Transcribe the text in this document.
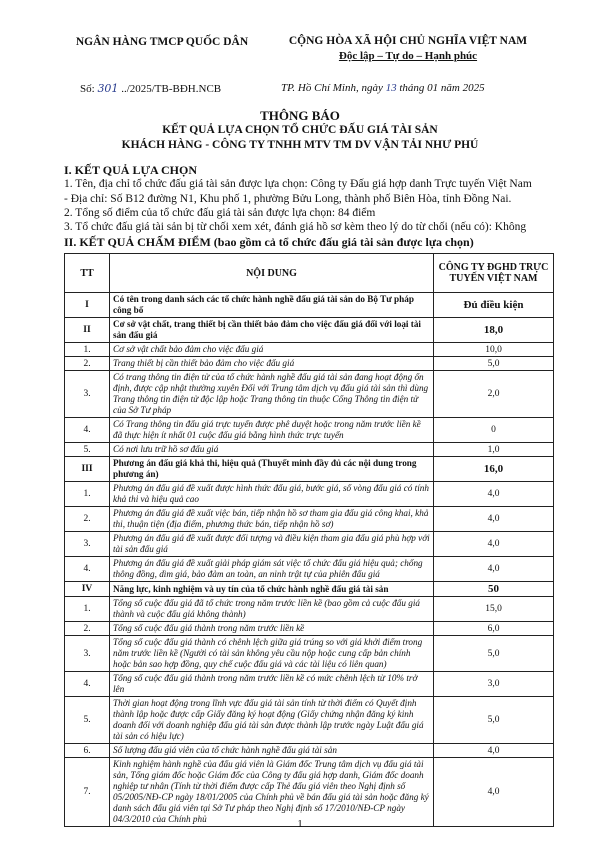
NGÂN HÀNG TMCP QUỐC DÂN	CỘNG HÒA XÃ HỘI CHỦ NGHĨA VIỆT NAM
Độc lập – Tự do – Hạnh phúc
Số: 301 ../2025/TB-BĐH.NCB	TP. Hồ Chí Minh, ngày 13 tháng 01 năm 2025
THÔNG BÁO
KẾT QUẢ LỰA CHỌN TỔ CHỨC ĐẤU GIÁ TÀI SẢN
KHÁCH HÀNG - CÔNG TY TNHH MTV TM DV VẬN TẢI NHƯ PHÚ
I. KẾT QUẢ LỰA CHỌN
1. Tên, địa chỉ tổ chức đấu giá tài sản được lựa chọn: Công ty Đấu giá hợp danh Trực tuyến Việt Nam
- Địa chỉ: Số B12 đường N1, Khu phố 1, phường Bửu Long, thành phố Biên Hòa, tỉnh Đồng Nai.
2. Tổng số điểm của tổ chức đấu giá tài sản được lựa chọn: 84 điểm
3. Tổ chức đấu giá tài sản bị từ chối xem xét, đánh giá hồ sơ kèm theo lý do từ chối (nếu có): Không
II. KẾT QUẢ CHẤM ĐIỂM (bao gồm cả tổ chức đấu giá tài sản được lựa chọn)
TT	NỘI DUNG	CÔNG TY ĐGHD TRỰC TUYẾN VIỆT NAM
I	Có tên trong danh sách các tổ chức hành nghề đấu giá tài sản do Bộ Tư pháp công bố	Đủ điều kiện
II	Cơ sở vật chất, trang thiết bị cần thiết bảo đảm cho việc đấu giá đối với loại tài sản đấu giá	18,0
1.	Cơ sở vật chất bảo đảm cho việc đấu giá	10,0
2.	Trang thiết bị cần thiết bảo đảm cho việc đấu giá	5,0
3.	Có trang thông tin điện tử của tổ chức hành nghề đấu giá tài sản đang hoạt động ổn định, được cập nhật thường xuyên Đối với Trung tâm dịch vụ đấu giá tài sản thì dùng Trang thông tin điện tử độc lập hoặc Trang thông tin thuộc Cổng Thông tin điện tử của Sở Tư pháp	2,0
4.	Có Trang thông tin đấu giá trực tuyến được phê duyệt hoặc trong năm trước liền kề đã thực hiện ít nhất 01 cuộc đấu giá bằng hình thức trực tuyến	0
5.	Có nơi lưu trữ hồ sơ đấu giá	1,0
III	Phương án đấu giá khả thi, hiệu quả (Thuyết minh đầy đủ các nội dung trong phương án)	16,0
1.	Phương án đấu giá đề xuất được hình thức đấu giá, bước giá, số vòng đấu giá có tính khả thi và hiệu quả cao	4,0
2.	Phương án đấu giá đề xuất việc bán, tiếp nhận hồ sơ tham gia đấu giá công khai, khả thi, thuận tiện (địa điểm, phương thức bán, tiếp nhận hồ sơ)	4,0
3.	Phương án đấu giá đề xuất được đối tượng và điều kiện tham gia đấu giá phù hợp với tài sản đấu giá	4,0
4.	Phương án đấu giá đề xuất giải pháp giám sát việc tổ chức đấu giá hiệu quả; chống thông đồng, dìm giá, bảo đảm an toàn, an ninh trật tự của phiên đấu giá	4,0
IV	Năng lực, kinh nghiệm và uy tín của tổ chức hành nghề đấu giá tài sản	50
1.	Tổng số cuộc đấu giá đã tổ chức trong năm trước liền kề (bao gồm cả cuộc đấu giá thành và cuộc đấu giá không thành)	15,0
2.	Tổng số cuộc đấu giá thành trong năm trước liền kề	6,0
3.	Tổng số cuộc đấu giá thành có chênh lệch giữa giá trúng so với giá khởi điểm trong năm trước liền kề (Người có tài sản không yêu cầu nộp hoặc cung cấp bản chính hoặc bản sao hợp đồng, quy chế cuộc đấu giá và các tài liệu có liên quan)	5,0
4.	Tổng số cuộc đấu giá thành trong năm trước liền kề có mức chênh lệch từ 10% trở lên	3,0
5.	Thời gian hoạt động trong lĩnh vực đấu giá tài sản tính từ thời điểm có Quyết định thành lập hoặc được cấp Giấy đăng ký hoạt động (Giấy chứng nhận đăng ký kinh doanh đối với doanh nghiệp đấu giá tài sản được thành lập trước ngày Luật đấu giá tài sản có hiệu lực)	5,0
6.	Số lượng đấu giá viên của tổ chức hành nghề đấu giá tài sản	4,0
7.	Kinh nghiệm hành nghề của đấu giá viên là Giám đốc Trung tâm dịch vụ đấu giá tài sản, Tổng giám đốc hoặc Giám đốc của Công ty đấu giá hợp danh, Giám đốc doanh nghiệp tư nhân (Tính từ thời điểm được cấp Thẻ đấu giá viên theo Nghị định số 05/2005/NĐ-CP ngày 18/01/2005 của Chính phủ về bán đấu giá tài sản hoặc đăng ký danh sách đấu giá viên tại Sở Tư pháp theo Nghị định số 17/2010/NĐ-CP ngày 04/3/2010 của Chính phủ	4,0
1
